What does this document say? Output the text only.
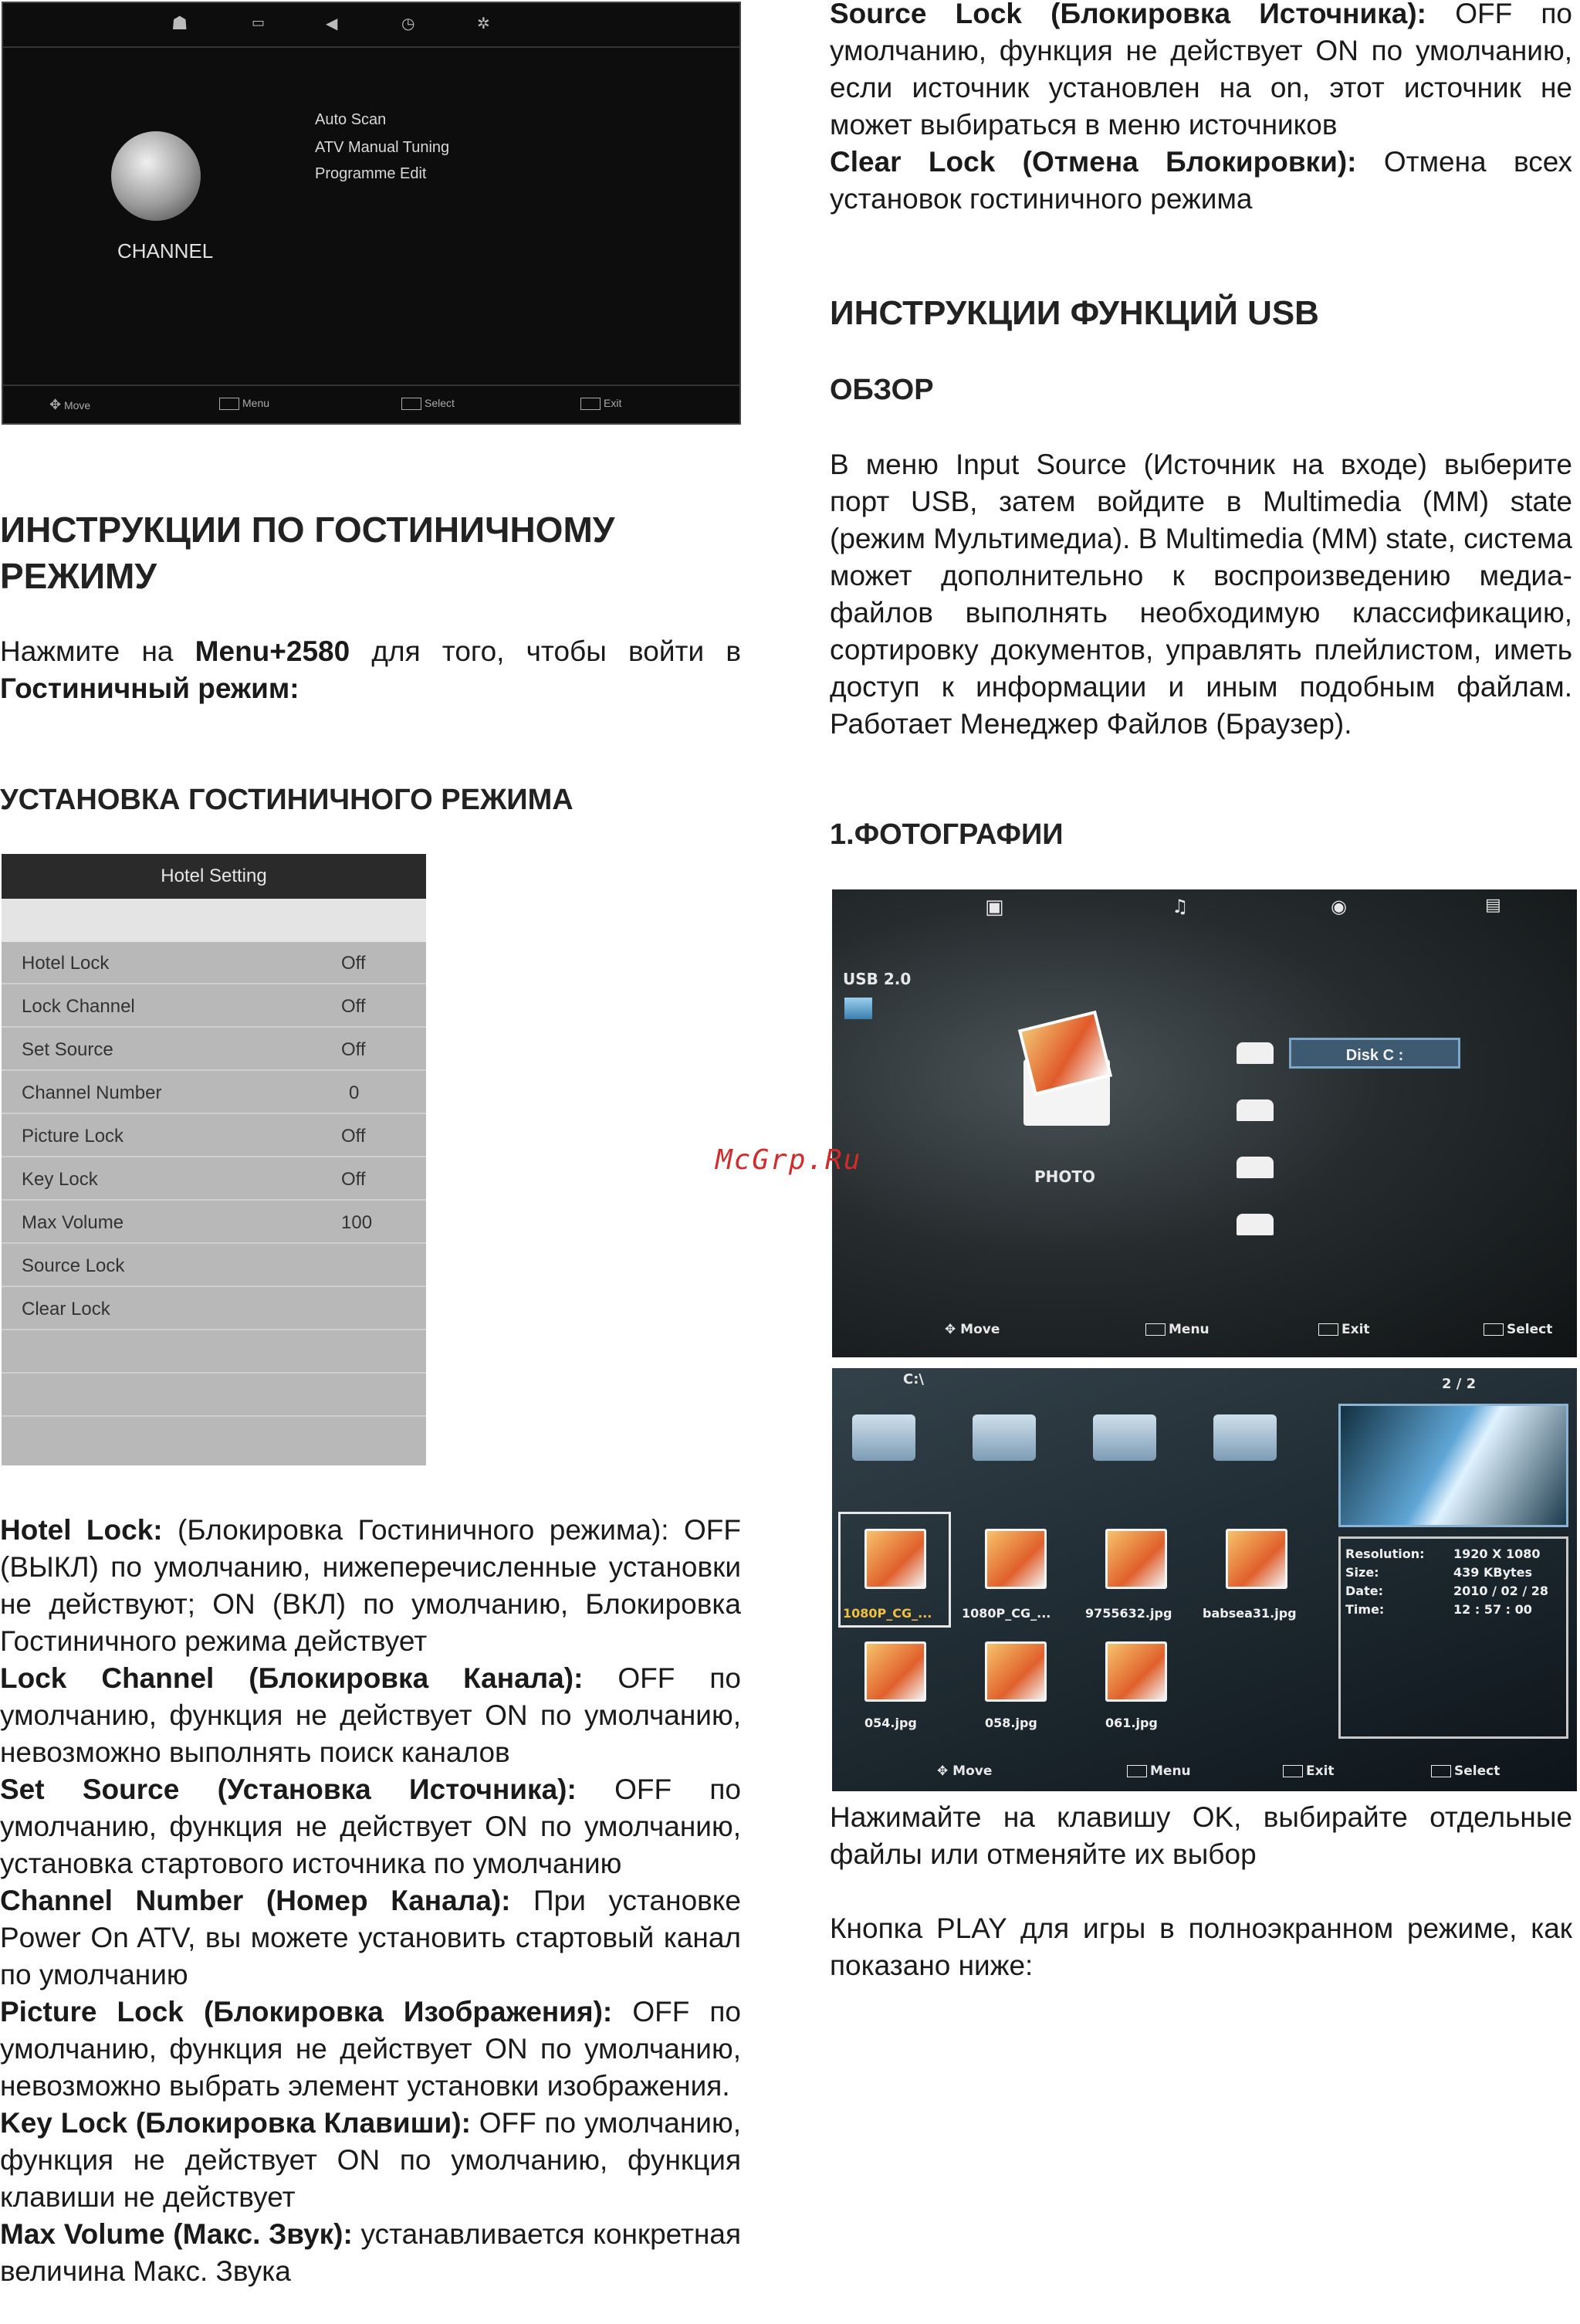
☗	▭	◀	◷	✲
CHANNEL
Auto Scan
ATV Manual Tuning
Programme Edit
✥ Move	Menu	Select	Exit
ИНСТРУКЦИИ ПО ГОСТИНИЧНОМУ
РЕЖИМУ
Нажмите на Menu+2580 для того, чтобы войти в Гостиничный режим:
УСТАНОВКА ГОСТИНИЧНОГО РЕЖИМА
Hotel Setting
Hotel Lock	Off
Lock Channel	Off
Set Source	Off
Channel Number	0
Picture Lock	Off
Key Lock	Off
Max Volume	100
Source Lock
Clear Lock

Hotel Lock: (Блокировка Гостиничного режима): OFF (ВЫКЛ) по умолчанию, нижеперечисленные установки не действуют; ON (ВКЛ) по умолчанию, Блокировка Гостиничного режима действует

Lock Channel (Блокировка Канала): OFF по умолчанию, функция не действует ON по умолчанию, невозможно выполнять поиск каналов

Set Source (Установка Источника): OFF по умолчанию, функция не действует ON по умолчанию, установка стартового источника по умолчанию

Channel Number (Номер Канала): При установке Power On ATV, вы можете установить стартовый канал по умолчанию

Picture Lock (Блокировка Изображения): OFF по умолчанию, функция не действует ON по умолчанию, невозможно выбрать элемент установки изображения.

Key Lock (Блокировка Клавиши): OFF по умолчанию, функция не действует ON по умолчанию, функция клавиши не действует

Max Volume (Макс. Звук): устанавливается конкретная величина Макс. Звука

Source Lock (Блокировка Источника): OFF по умолчанию, функция не действует ON по умолчанию, если источник установлен на on, этот источник не может выбираться в меню источников

Clear Lock (Отмена Блокировки): Отмена всех установок гостиничного режима

ИНСТРУКЦИИ ФУНКЦИЙ USB
ОБЗОР
В меню Input Source (Источник на входе) выберите порт USB, затем войдите в Multimedia (MM) state (режим Мультимедиа). В Multimedia (MM) state, система может дополнительно к воспроизведению медиа-файлов выполнять необходимую классификацию, сортировку документов, управлять плейлистом, иметь доступ к информации и иным подобным файлам. Работает Менеджер Файлов (Браузер).
1.ФОТОГРАФИИ
▣	♫	◉	▤
USB 2.0
PHOTO
Disk C :
✥ Move	Menu	Exit	Select
C:\	2 / 2
1080P_CG_... 1080P_CG_...	9755632.jpg babsea31.jpg
054.jpg	058.jpg	061.jpg
Resolution: 1920 X 1080
Size:	439 KBytes
Date:	2010 / 02 / 28
Time:	12 : 57 : 00
✥ Move	Menu	Exit	Select
Нажимайте на клавишу OK, выбирайте отдельные файлы или отменяйте их выбор
Кнопка PLAY для игры в полноэкранном режиме, как показано ниже:
McGrp.Ru
